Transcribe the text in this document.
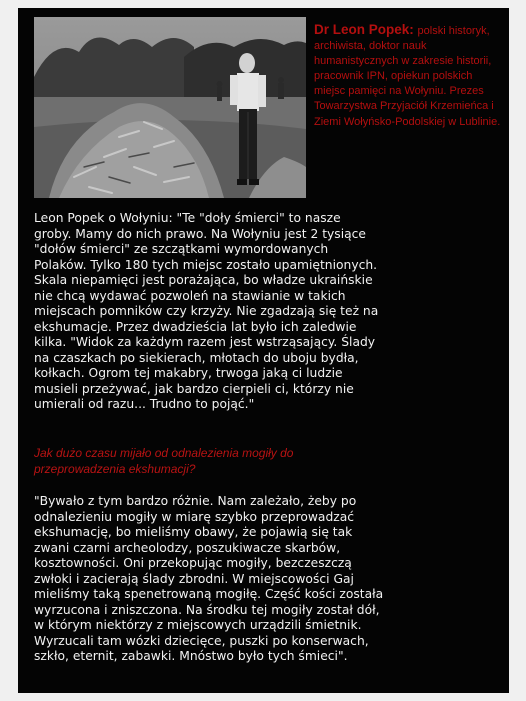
Dr Leon Popek: polski historyk, archiwista, doktor nauk humanistycznych w zakresie historii, pracownik IPN, opiekun polskich miejsc pamięci na Wołyniu. Prezes Towarzystwa Przyjaciół Krzemieńca i Ziemi Wołyńsko-Podolskiej w Lublinie.
Leon Popek o Wołyniu: "Te "doły śmierci" to nasze
groby. Mamy do nich prawo. Na Wołyniu jest 2 tysiące
"dołów śmierci" ze szczątkami wymordowanych
Polaków. Tylko 180 tych miejsc zostało upamiętnionych.
Skala niepamięci jest porażająca, bo władze ukraińskie
nie chcą wydawać pozwoleń na stawianie w takich
miejscach pomników czy krzyży. Nie zgadzają się też na
ekshumacje. Przez dwadzieścia lat było ich zaledwie
kilka. "Widok za każdym razem jest wstrząsający. Ślady
na czaszkach po siekierach, młotach do uboju bydła,
kołkach. Ogrom tej makabry, trwoga jaką ci ludzie
musieli przeżywać, jak bardzo cierpieli ci, którzy nie
umierali od razu... Trudno to pojąć."
Jak dużo czasu mijało od odnalezienia mogiły do
przeprowadzenia ekshumacji?
"Bywało z tym bardzo różnie. Nam zależało, żeby po
odnalezieniu mogiły w miarę szybko przeprowadzać
ekshumację, bo mieliśmy obawy, że pojawią się tak
zwani czarni archeolodzy, poszukiwacze skarbów,
kosztowności. Oni przekopując mogiły, bezczeszczą
zwłoki i zacierają ślady zbrodni. W miejscowości Gaj
mieliśmy taką spenetrowaną mogiłę. Część kości została
wyrzucona i zniszczona. Na środku tej mogiły został dół,
w którym niektórzy z miejscowych urządzili śmietnik.
Wyrzucali tam wózki dziecięce, puszki po konserwach,
szkło, eternit, zabawki. Mnóstwo było tych śmieci".
